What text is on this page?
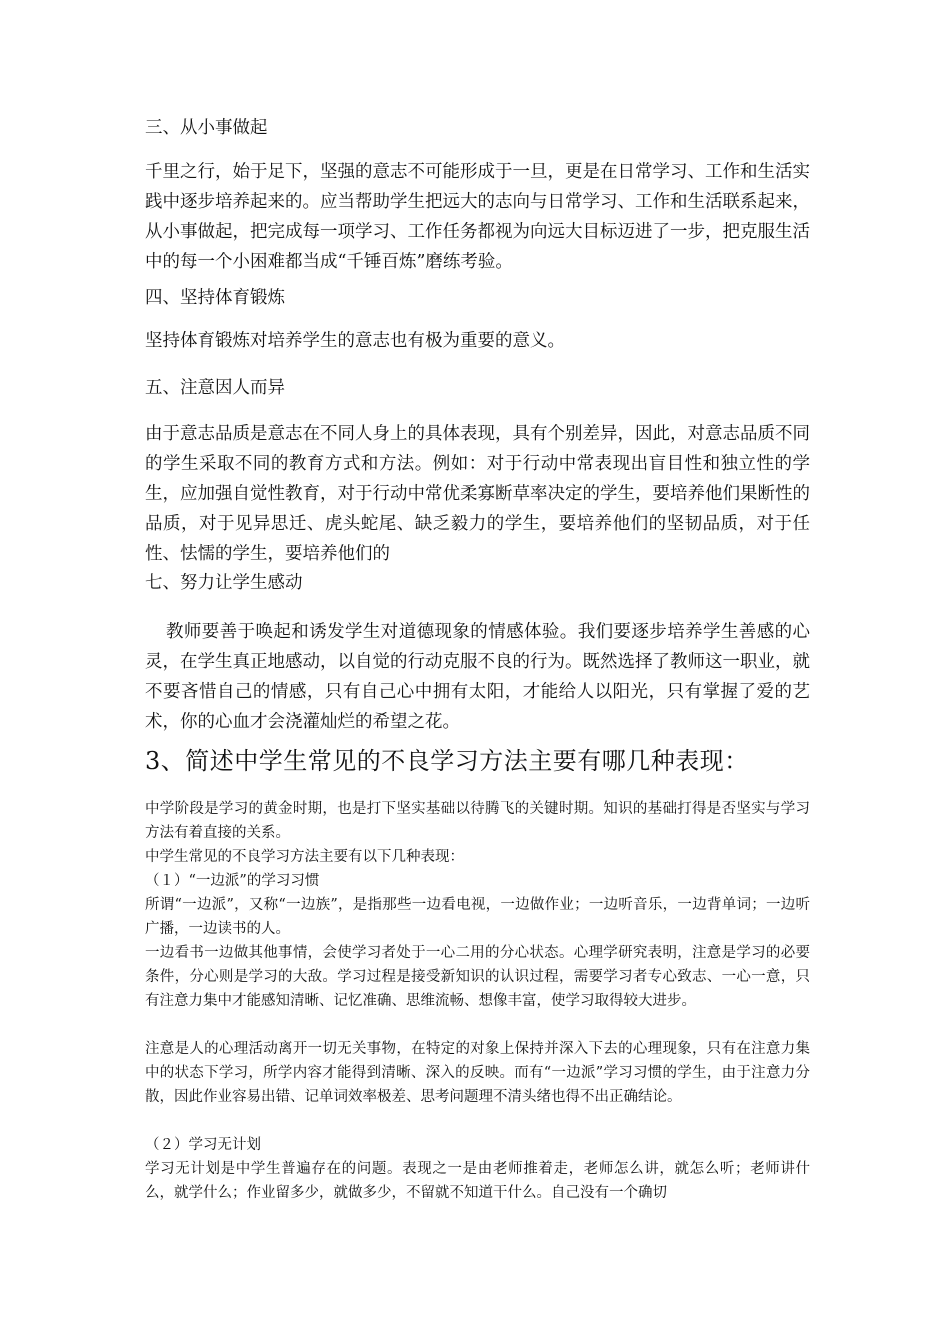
三、从小事做起

千里之行，始于足下，坚强的意志不可能形成于一旦，更是在日常学习、工作和生活实践中逐步培养起来的。应当帮助学生把远大的志向与日常学习、工作和生活联系起来，从小事做起，把完成每一项学习、工作任务都视为向远大目标迈进了一步，把克服生活中的每一个小困难都当成“千锤百炼”磨练考验。

四、坚持体育锻炼

坚持体育锻炼对培养学生的意志也有极为重要的意义。

五、注意因人而异

由于意志品质是意志在不同人身上的具体表现，具有个别差异，因此，对意志品质不同的学生采取不同的教育方式和方法。例如：对于行动中常表现出盲目性和独立性的学生，应加强自觉性教育，对于行动中常优柔寡断草率决定的学生，要培养他们果断性的品质，对于见异思迁、虎头蛇尾、缺乏毅力的学生，要培养他们的坚韧品质，对于任性、怯懦的学生，要培养他们的

七、努力让学生感动

教师要善于唤起和诱发学生对道德现象的情感体验。我们要逐步培养学生善感的心灵，在学生真正地感动，以自觉的行动克服不良的行为。既然选择了教师这一职业，就不要吝惜自己的情感，只有自己心中拥有太阳，才能给人以阳光，只有掌握了爱的艺术，你的心血才会浇灌灿烂的希望之花。

3、简述中学生常见的不良学习方法主要有哪几种表现：

中学阶段是学习的黄金时期，也是打下坚实基础以待腾飞的关键时期。知识的基础打得是否坚实与学习方法有着直接的关系。

中学生常见的不良学习方法主要有以下几种表现：

（１）“一边派”的学习习惯

所谓“一边派”，又称“一边族”，是指那些一边看电视，一边做作业；一边听音乐，一边背单词；一边听广播，一边读书的人。

一边看书一边做其他事情，会使学习者处于一心二用的分心状态。心理学研究表明，注意是学习的必要条件，分心则是学习的大敌。学习过程是接受新知识的认识过程，需要学习者专心致志、一心一意，只有注意力集中才能感知清晰、记忆准确、思维流畅、想像丰富，使学习取得较大进步。

注意是人的心理活动离开一切无关事物，在特定的对象上保持并深入下去的心理现象，只有在注意力集中的状态下学习，所学内容才能得到清晰、深入的反映。而有“一边派”学习习惯的学生，由于注意力分散，因此作业容易出错、记单词效率极差、思考问题理不清头绪也得不出正确结论。

（２）学习无计划

学习无计划是中学生普遍存在的问题。表现之一是由老师推着走，老师怎么讲，就怎么听；老师讲什么，就学什么；作业留多少，就做多少，不留就不知道干什么。自己没有一个确切
